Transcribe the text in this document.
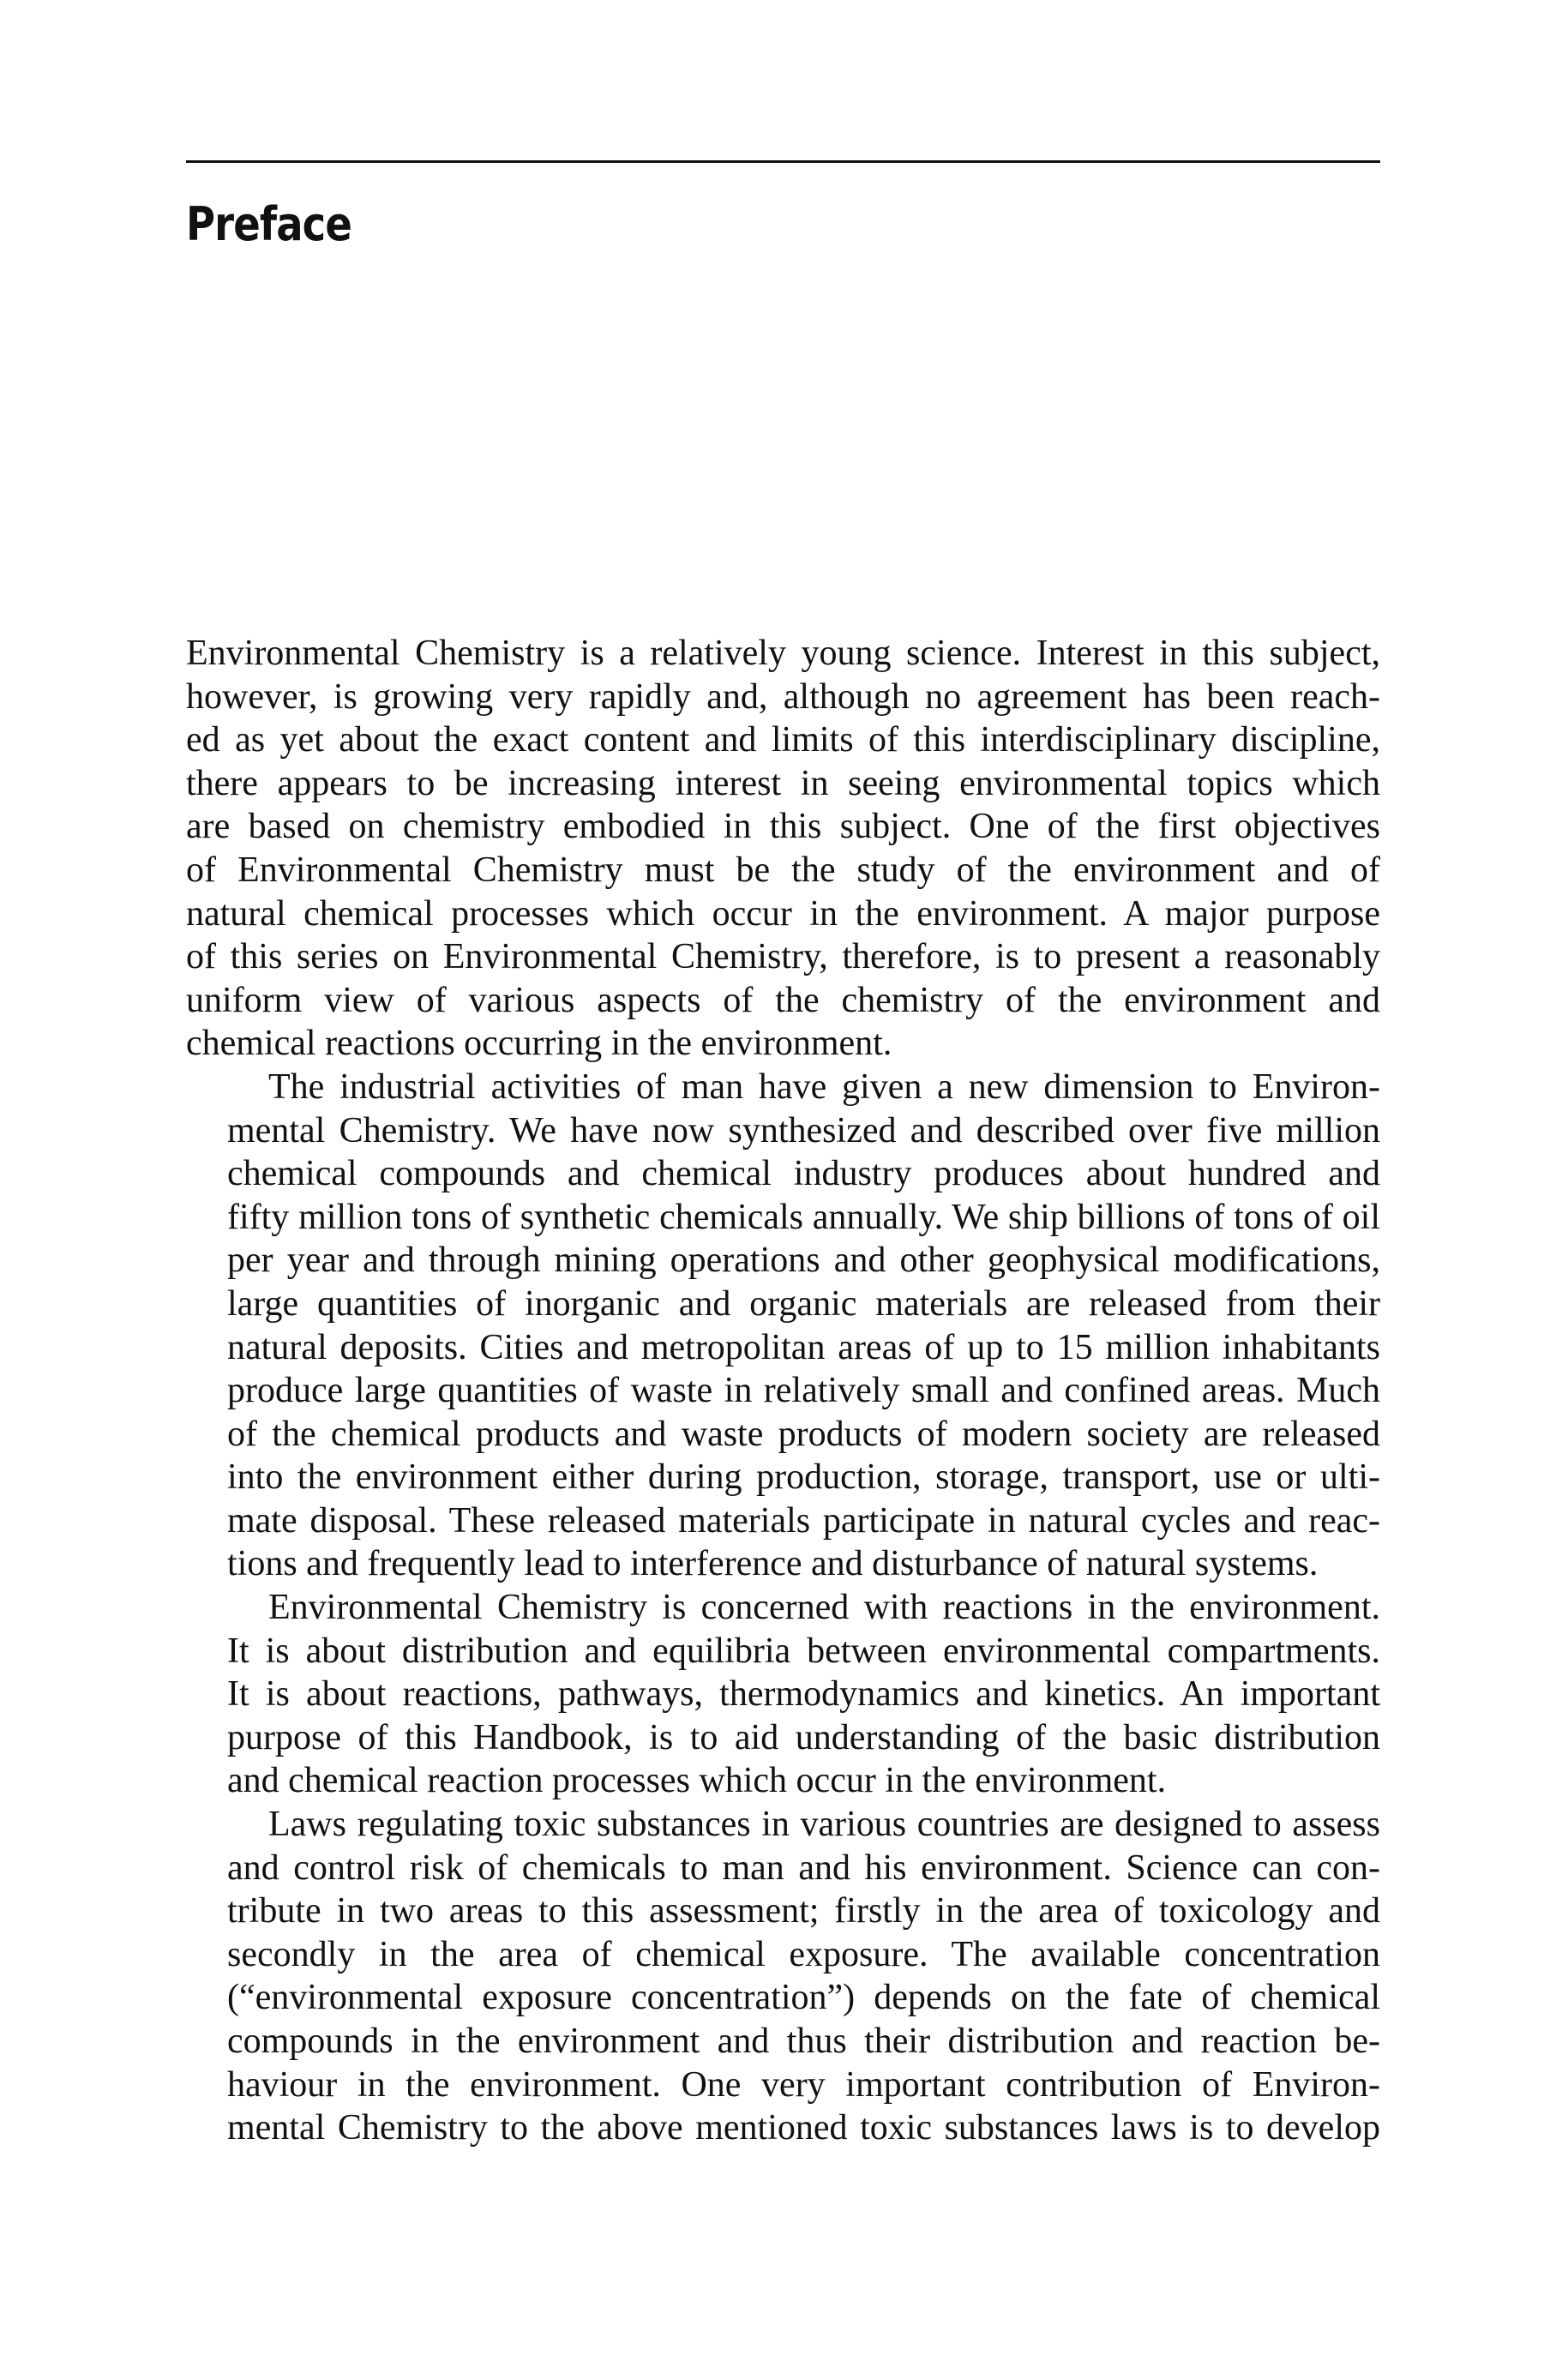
Preface

Environmental Chemistry is a relatively young science. Interest in this subject,
however, is growing very rapidly and, although no agreement has been reach-
ed as yet about the exact content and limits of this interdisciplinary discipline,
there appears to be increasing interest in seeing environmental topics which
are based on chemistry embodied in this subject. One of the first objectives
of Environmental Chemistry must be the study of the environment and of
natural chemical processes which occur in the environment. A major purpose
of this series on Environmental Chemistry, therefore, is to present a reasonably
uniform view of various aspects of the chemistry of the environment and
chemical reactions occurring in the environment.

The industrial activities of man have given a new dimension to Environ-
mental Chemistry. We have now synthesized and described over five million
chemical compounds and chemical industry produces about hundred and
fifty million tons of synthetic chemicals annually. We ship billions of tons of oil
per year and through mining operations and other geophysical modifications,
large quantities of inorganic and organic materials are released from their
natural deposits. Cities and metropolitan areas of up to 15 million inhabitants
produce large quantities of waste in relatively small and confined areas. Much
of the chemical products and waste products of modern society are released
into the environment either during production, storage, transport, use or ulti-
mate disposal. These released materials participate in natural cycles and reac-
tions and frequently lead to interference and disturbance of natural systems.

Environmental Chemistry is concerned with reactions in the environment.
It is about distribution and equilibria between environmental compartments.
It is about reactions, pathways, thermodynamics and kinetics. An important
purpose of this Handbook, is to aid understanding of the basic distribution
and chemical reaction processes which occur in the environment.

Laws regulating toxic substances in various countries are designed to assess
and control risk of chemicals to man and his environment. Science can con-
tribute in two areas to this assessment; firstly in the area of toxicology and
secondly in the area of chemical exposure. The available concentration
(“environmental exposure concentration”) depends on the fate of chemical
compounds in the environment and thus their distribution and reaction be-
haviour in the environment. One very important contribution of Environ-
mental Chemistry to the above mentioned toxic substances laws is to develop
